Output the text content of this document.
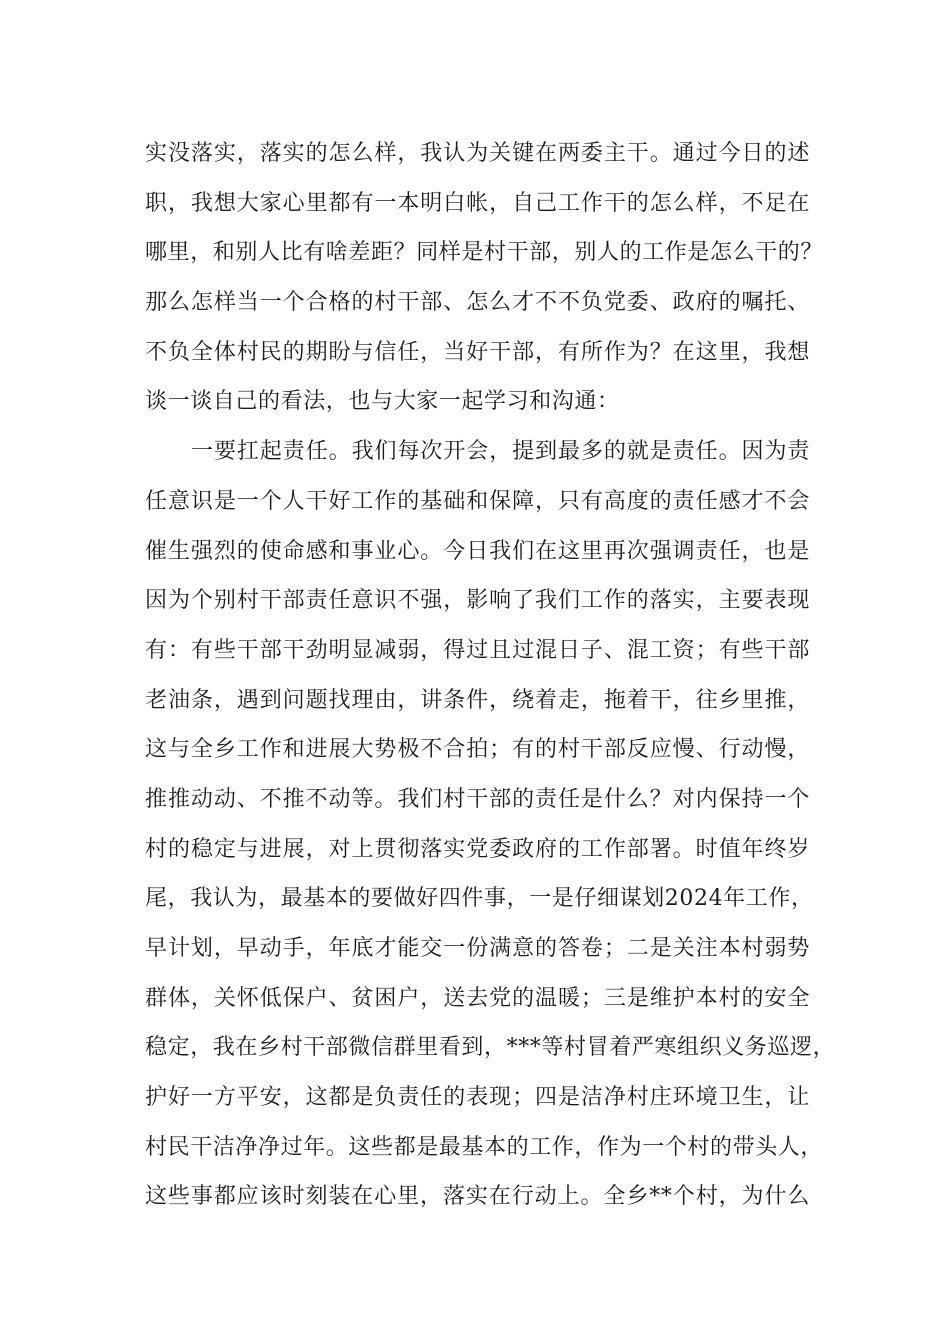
实没落实，落实的怎么样，我认为关键在两委主干。通过今日的述
职，我想大家心里都有一本明白帐，自己工作干的怎么样，不足在
哪里，和别人比有啥差距？同样是村干部，别人的工作是怎么干的？
那么怎样当一个合格的村干部、怎么才不不负党委、政府的嘱托、
不负全体村民的期盼与信任，当好干部，有所作为？在这里，我想
谈一谈自己的看法，也与大家一起学习和沟通：
一要扛起责任。我们每次开会，提到最多的就是责任。因为责
任意识是一个人干好工作的基础和保障，只有高度的责任感才不会
催生强烈的使命感和事业心。今日我们在这里再次强调责任，也是
因为个别村干部责任意识不强，影响了我们工作的落实，主要表现
有：有些干部干劲明显减弱，得过且过混日子、混工资；有些干部
老油条，遇到问题找理由，讲条件，绕着走，拖着干，往乡里推，
这与全乡工作和进展大势极不合拍；有的村干部反应慢、行动慢，
推推动动、不推不动等。我们村干部的责任是什么？对内保持一个
村的稳定与进展，对上贯彻落实党委政府的工作部署。时值年终岁
尾，我认为，最基本的要做好四件事，一是仔细谋划2024年工作，
早计划，早动手，年底才能交一份满意的答卷；二是关注本村弱势
群体，关怀低保户、贫困户，送去党的温暖；三是维护本村的安全
稳定，我在乡村干部微信群里看到，***等村冒着严寒组织义务巡逻，
护好一方平安，这都是负责任的表现；四是洁净村庄环境卫生，让
村民干洁净净过年。这些都是最基本的工作，作为一个村的带头人，
这些事都应该时刻装在心里，落实在行动上。全乡**个村，为什么
